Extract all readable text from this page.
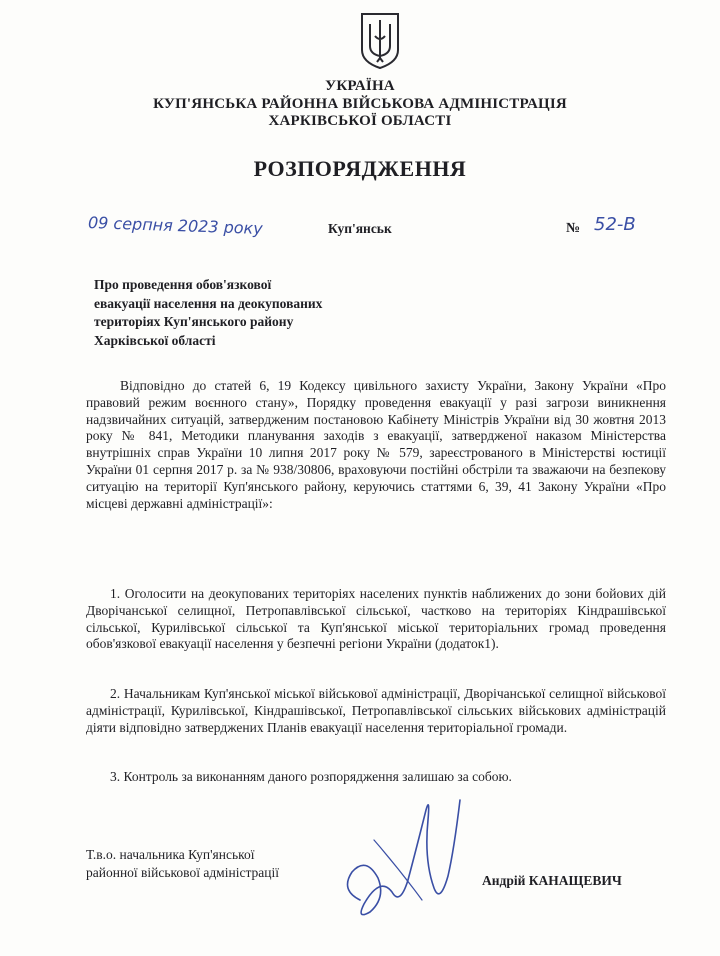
УКРАЇНА
КУП'ЯНСЬКА РАЙОННА ВІЙСЬКОВА АДМІНІСТРАЦІЯ
ХАРКІВСЬКОЇ ОБЛАСТІ
РОЗПОРЯДЖЕННЯ
09 серпня 2023 року	Куп'янськ	№ 52-В
Про проведення обов'язкової
евакуації населення на деокупованих
територіях Куп'янського району
Харківської області
Відповідно до статей 6, 19 Кодексу цивільного захисту України, Закону України «Про правовий режим воєнного стану», Порядку проведення евакуації у разі загрози виникнення надзвичайних ситуацій, затвердженим постановою Кабінету Міністрів України від 30 жовтня 2013 року № 841, Методики планування заходів з евакуації, затвердженої наказом Міністерства внутрішніх справ України 10 липня 2017 року № 579, зареєстрованого в Міністерстві юстиції України 01 серпня 2017 р. за № 938/30806, враховуючи постійні обстріли та зважаючи на безпекову ситуацію на території Куп'янського району, керуючись статтями 6, 39, 41 Закону України «Про місцеві державні адміністрації»:
1. Оголосити на деокупованих територіях населених пунктів наближених до зони бойових дій Дворічанської селищної, Петропавлівської сільської, частково на територіях Кіндрашівської сільської, Курилівської сільської та Куп'янської міської територіальних громад проведення обов'язкової евакуації населення у безпечні регіони України (додаток1).
2. Начальникам Куп'янської міської військової адміністрації, Дворічанської селищної військової адміністрації, Курилівської, Кіндрашівської, Петропавлівської сільських військових адміністрацій діяти відповідно затверджених Планів евакуації населення територіальної громади.
3. Контроль за виконанням даного розпорядження залишаю за собою.
Т.в.о. начальника Куп'янської
районної військової адміністрації
Андрій КАНАЩЕВИЧ
